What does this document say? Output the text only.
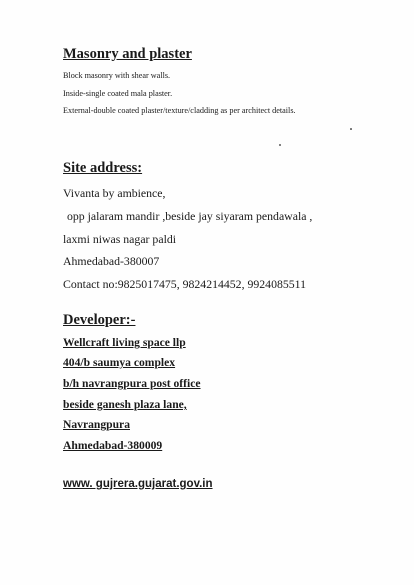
Masonry and plaster

Block masonry with shear walls.

Inside-single coated mala plaster.

External-double coated plaster/texture/cladding as per architect details.

Site address:

Vivanta by ambience,

opp jalaram mandir ,beside jay siyaram pendawala ,

laxmi niwas nagar paldi

Ahmedabad-380007

Contact no:9825017475, 9824214452, 9924085511

Developer:-

Wellcraft living space llp

404/b saumya complex

b/h navrangpura post office

beside ganesh plaza lane,

Navrangpura

Ahmedabad-380009

www. gujrera.gujarat.gov.in
